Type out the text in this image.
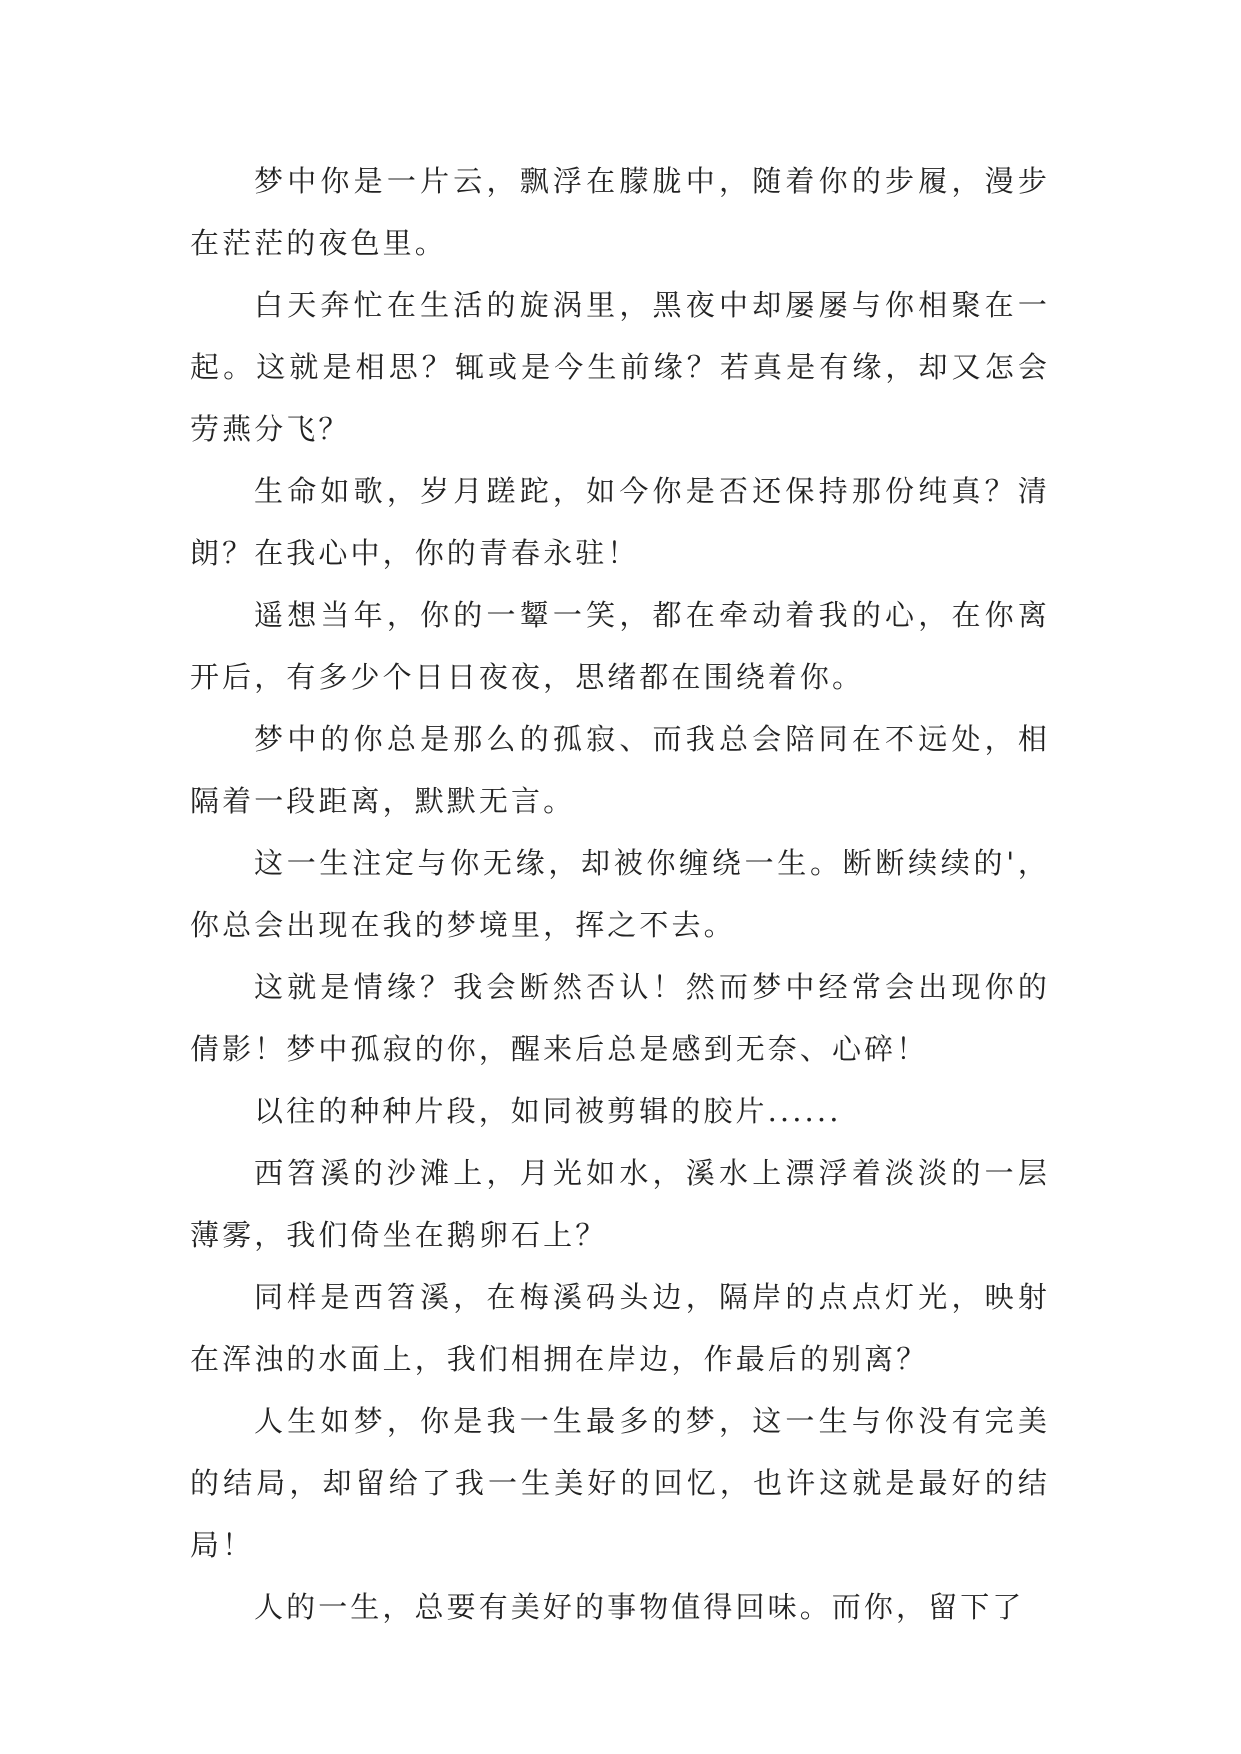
梦中你是一片云，飘浮在朦胧中，随着你的步履，漫步在茫茫的夜色里。

白天奔忙在生活的旋涡里，黑夜中却屡屡与你相聚在一起。这就是相思？辄或是今生前缘？若真是有缘，却又怎会劳燕分飞？

生命如歌，岁月蹉跎，如今你是否还保持那份纯真？清朗？在我心中，你的青春永驻！

遥想当年，你的一颦一笑，都在牵动着我的心，在你离开后，有多少个日日夜夜，思绪都在围绕着你。

梦中的你总是那么的孤寂、而我总会陪同在不远处，相隔着一段距离，默默无言。

这一生注定与你无缘，却被你缠绕一生。断断续续的'，你总会出现在我的梦境里，挥之不去。

这就是情缘？我会断然否认！然而梦中经常会出现你的倩影！梦中孤寂的你，醒来后总是感到无奈、心碎！

以往的种种片段，如同被剪辑的胶片......

西笤溪的沙滩上，月光如水，溪水上漂浮着淡淡的一层薄雾，我们倚坐在鹅卵石上？

同样是西笤溪，在梅溪码头边，隔岸的点点灯光，映射在浑浊的水面上，我们相拥在岸边，作最后的别离？

人生如梦，你是我一生最多的梦，这一生与你没有完美的结局，却留给了我一生美好的回忆，也许这就是最好的结局！

人的一生，总要有美好的事物值得回味。而你，留下了
